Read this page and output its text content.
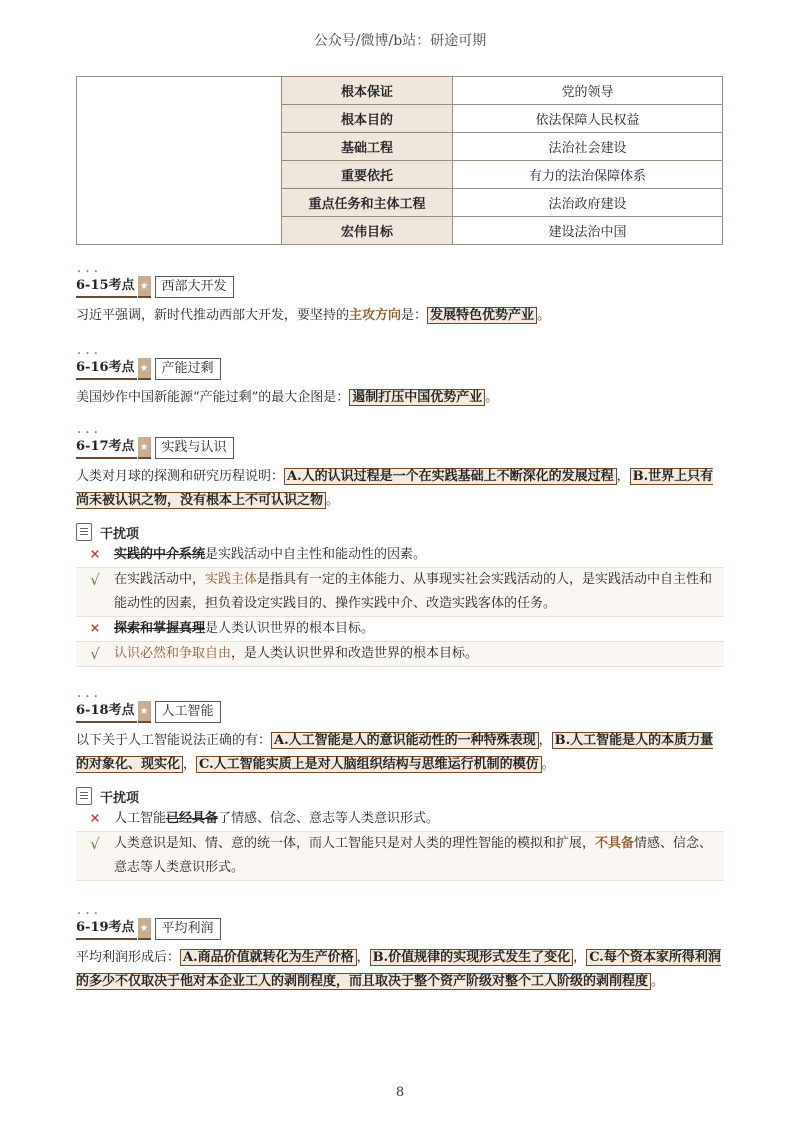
公众号/微博/b站：研途可期
	根本保证	党的领导
	根本目的	依法保障人民权益
	基础工程	法治社会建设
	重要依托	有力的法治保障体系
	重点任务和主体工程	法治政府建设
	宏伟目标	建设法治中国
• • •
6-15考点 ★	西部大开发
习近平强调，新时代推动西部大开发，要坚持的主攻方向是： 发展特色优势产业 。
• • •
6-16考点 ★	产能过剩
美国炒作中国新能源“产能过剩”的最大企图是： 遏制打压中国优势产业 。
• • •
6-17考点 ★	实践与认识
人类对月球的探测和研究历程说明： A.人的认识过程是一个在实践基础上不断深化的发展过程 ， B.世界上只有尚未被认识之物，没有根本上不可认识之物 。
干扰项
×	实践的中介系统是实践活动中自主性和能动性的因素。
√	在实践活动中，实践主体是指具有一定的主体能力、从事现实社会实践活动的人，是实践活动中自主性和能动性的因素，担负着设定实践目的、操作实践中介、改造实践客体的任务。
×	探索和掌握真理是人类认识世界的根本目标。
√	认识必然和争取自由，是人类认识世界和改造世界的根本目标。
• • •
6-18考点 ★	人工智能
以下关于人工智能说法正确的有： A.人工智能是人的意识能动性的一种特殊表现 ， B.人工智能是人的本质力量的对象化、现实化 ， C.人工智能实质上是对人脑组织结构与思维运行机制的模仿 。
干扰项
×	人工智能已经具备了情感、信念、意志等人类意识形式。
√	人类意识是知、情、意的统一体，而人工智能只是对人类的理性智能的模拟和扩展，不具备情感、信念、意志等人类意识形式。
• • •
6-19考点 ★	平均利润
平均利润形成后： A.商品价值就转化为生产价格 ， B.价值规律的实现形式发生了变化 ， C.每个资本家所得利润的多少不仅取决于他对本企业工人的剥削程度，而且取决于整个资产阶级对整个工人阶级的剥削程度 。
8
